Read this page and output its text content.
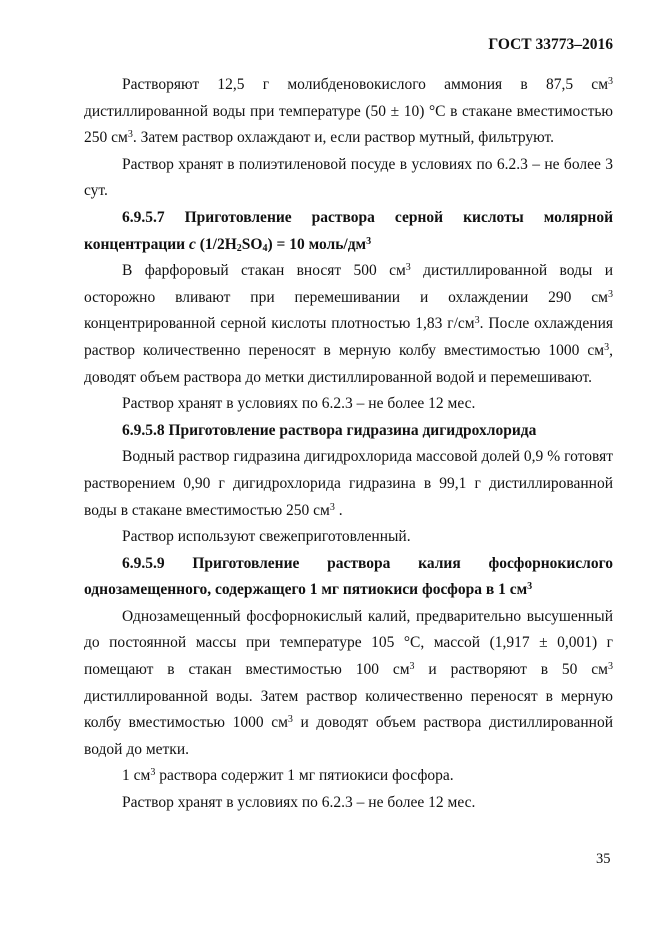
ГОСТ 33773–2016

Растворяют 12,5 г молибденовокислого аммония в 87,5 $см^3$ дистиллированной воды при температуре (50 ± 10) °С в стакане вместимостью 250 $см^3$. Затем раствор охлаждают и, если раствор мутный, фильтруют.

Раствор хранят в полиэтиленовой посуде в условиях по 6.2.3 – не более 3 сут.

6.9.5.7 Приготовление раствора серной кислоты молярной концентрации с $(1/2H_2SO_4) = 10$ моль/$дм^3$

В фарфоровый стакан вносят 500 $см^3$ дистиллированной воды и осторожно вливают при перемешивании и охлаждении 290 $см^3$ концентрированной серной кислоты плотностью 1,83 $г/см^3$. После охлаждения раствор количественно переносят в мерную колбу вместимостью 1000 $см^3$, доводят объем раствора до метки дистиллированной водой и перемешивают.

Раствор хранят в условиях по 6.2.3 – не более 12 мес.

6.9.5.8 Приготовление раствора гидразина дигидрохлорида

Водный раствор гидразина дигидрохлорида массовой долей 0,9 % готовят растворением 0,90 г дигидрохлорида гидразина в 99,1 г дистиллированной воды в стакане вместимостью 250 $см^3$ .

Раствор используют свежеприготовленный.

6.9.5.9 Приготовление раствора калия фосфорнокислого однозамещенного, содержащего 1 мг пятиокиси фосфора в 1 $см^3$

Однозамещенный фосфорнокислый калий, предварительно высушенный до постоянной массы при температуре 105 °С, массой (1,917 ± 0,001) г помещают в стакан вместимостью 100 $см^3$ и растворяют в 50 $см^3$ дистиллированной воды. Затем раствор количественно переносят в мерную колбу вместимостью 1000 $см^3$ и доводят объем раствора дистиллированной водой до метки.

1 $см^3$ раствора содержит 1 мг пятиокиси фосфора.

Раствор хранят в условиях по 6.2.3 – не более 12 мес.

35
